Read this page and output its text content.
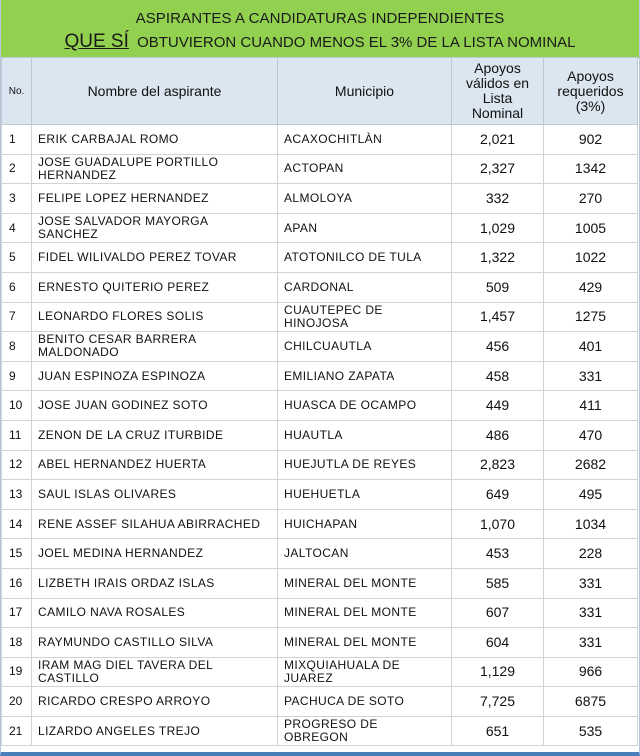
ASPIRANTES A CANDIDATURAS INDEPENDIENTES
QUE SÍ OBTUVIERON CUANDO MENOS EL 3% DE LA LISTA NOMINAL
No.	Nombre del aspirante	Municipio	Apoyos válidos en Lista Nominal	Apoyos requeridos (3%)
1	ERIK CARBAJAL ROMO	ACAXOCHITLÀN	2,021	902
2	JOSE GUADALUPE PORTILLO HERNANDEZ	ACTOPAN	2,327	1342
3	FELIPE LOPEZ HERNANDEZ	ALMOLOYA	332	270
4	JOSE SALVADOR MAYORGA SANCHEZ	APAN	1,029	1005
5	FIDEL WILIVALDO PEREZ TOVAR	ATOTONILCO DE TULA	1,322	1022
6	ERNESTO QUITERIO PEREZ	CARDONAL	509	429
7	LEONARDO FLORES SOLIS	CUAUTEPEC DE HINOJOSA	1,457	1275
8	BENITO CESAR BARRERA MALDONADO	CHILCUAUTLA	456	401
9	JUAN ESPINOZA ESPINOZA	EMILIANO ZAPATA	458	331
10	JOSE JUAN GODINEZ SOTO	HUASCA DE OCAMPO	449	411
11	ZENON DE LA CRUZ ITURBIDE	HUAUTLA	486	470
12	ABEL HERNANDEZ HUERTA	HUEJUTLA DE REYES	2,823	2682
13	SAUL ISLAS OLIVARES	HUEHUETLA	649	495
14	RENE ASSEF SILAHUA ABIRRACHED	HUICHAPAN	1,070	1034
15	JOEL MEDINA HERNANDEZ	JALTOCAN	453	228
16	LIZBETH IRAIS ORDAZ ISLAS	MINERAL DEL MONTE	585	331
17	CAMILO NAVA ROSALES	MINERAL DEL MONTE	607	331
18	RAYMUNDO CASTILLO SILVA	MINERAL DEL MONTE	604	331
19	IRAM MAG DIEL TAVERA DEL CASTILLO	MIXQUIAHUALA DE JUAREZ	1,129	966
20	RICARDO CRESPO ARROYO	PACHUCA DE SOTO	7,725	6875
21	LIZARDO ANGELES TREJO	PROGRESO DE OBREGON	651	535
